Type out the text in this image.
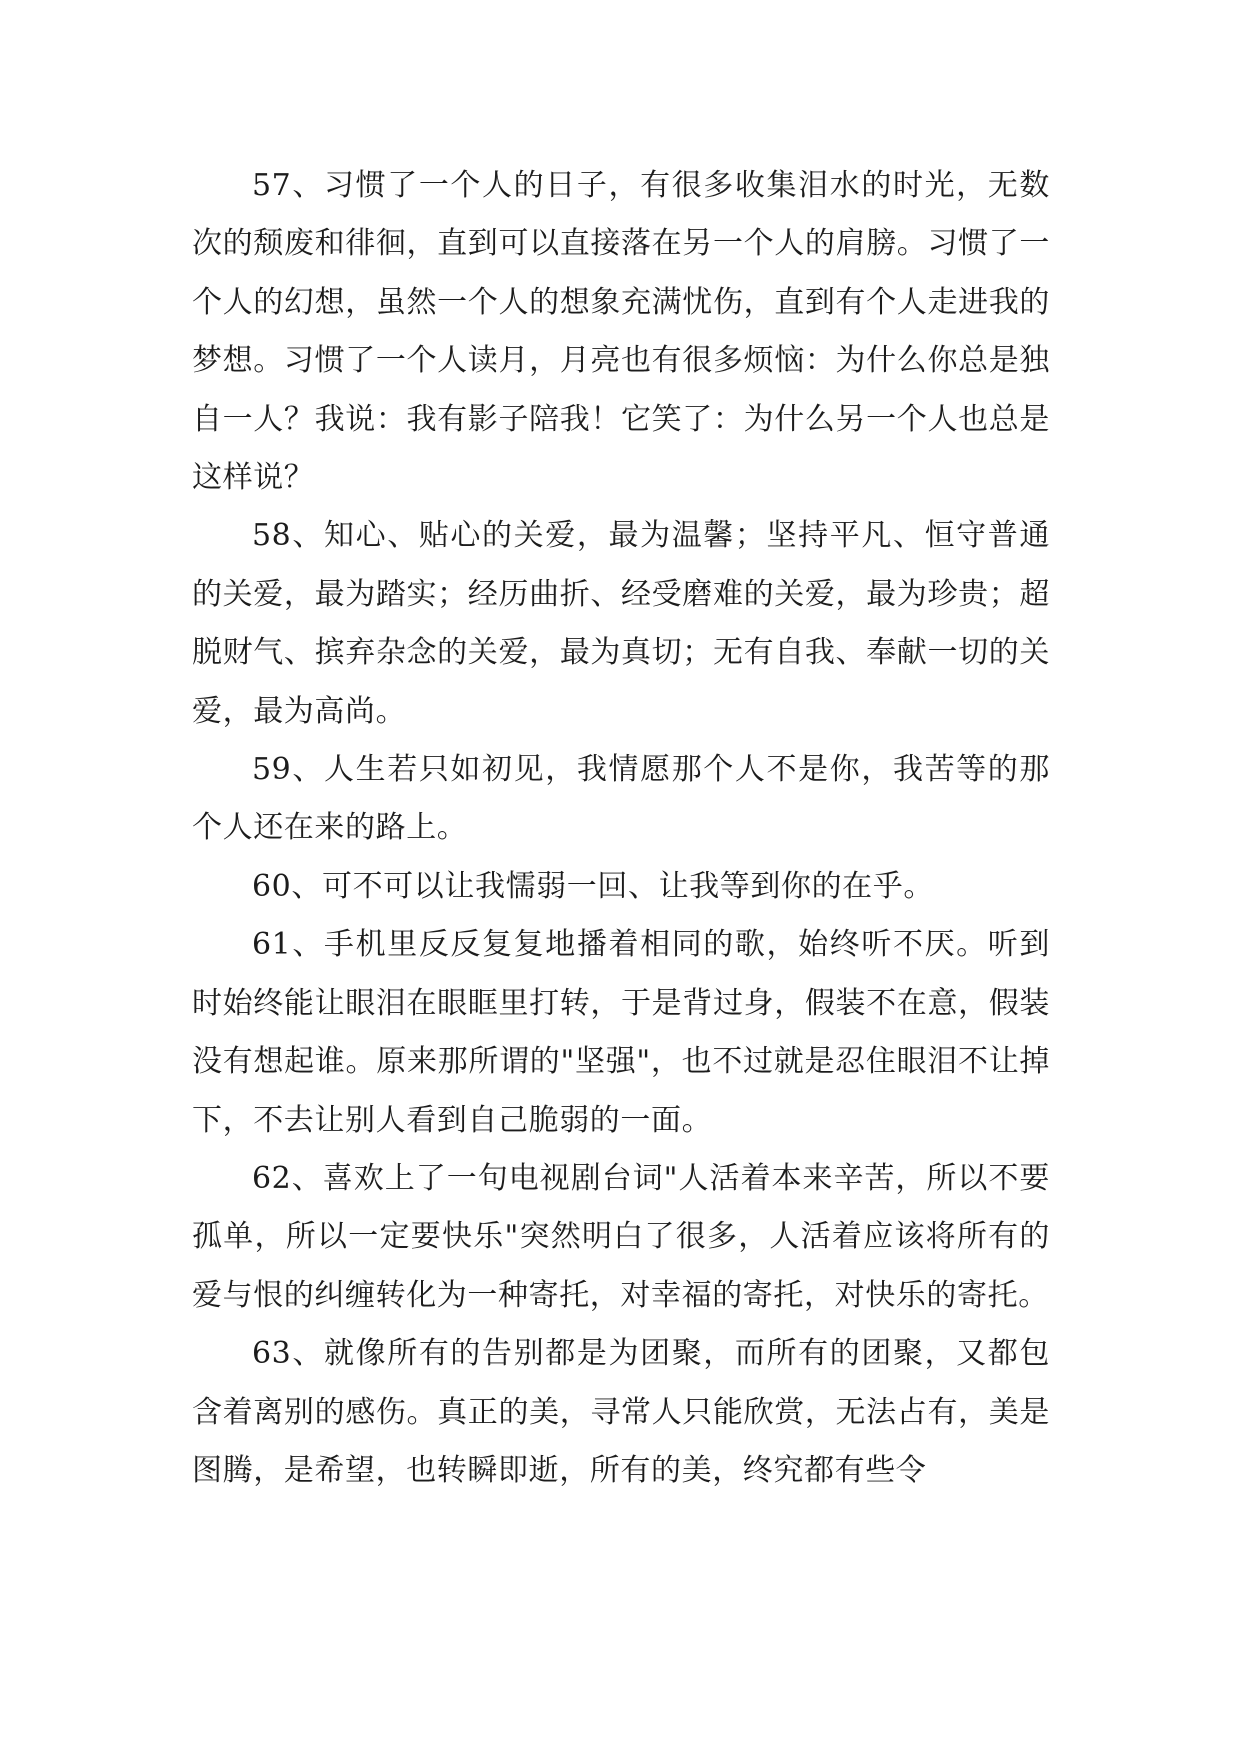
57、习惯了一个人的日子，有很多收集泪水的时光，无数次的颓废和徘徊，直到可以直接落在另一个人的肩膀。习惯了一个人的幻想，虽然一个人的想象充满忧伤，直到有个人走进我的梦想。习惯了一个人读月，月亮也有很多烦恼：为什么你总是独自一人？我说：我有影子陪我！它笑了：为什么另一个人也总是这样说？

58、知心、贴心的关爱，最为温馨；坚持平凡、恒守普通的关爱，最为踏实；经历曲折、经受磨难的关爱，最为珍贵；超脱财气、摈弃杂念的关爱，最为真切；无有自我、奉献一切的关爱，最为高尚。

59、人生若只如初见，我情愿那个人不是你，我苦等的那个人还在来的路上。

60、可不可以让我懦弱一回、让我等到你的在乎。

61、手机里反反复复地播着相同的歌，始终听不厌。听到时始终能让眼泪在眼眶里打转，于是背过身，假装不在意，假装没有想起谁。原来那所谓的"坚强"，也不过就是忍住眼泪不让掉下，不去让别人看到自己脆弱的一面。

62、喜欢上了一句电视剧台词"人活着本来辛苦，所以不要孤单，所以一定要快乐"突然明白了很多，人活着应该将所有的爱与恨的纠缠转化为一种寄托，对幸福的寄托，对快乐的寄托。

63、就像所有的告别都是为团聚，而所有的团聚，又都包含着离别的感伤。真正的美，寻常人只能欣赏，无法占有，美是图腾，是希望，也转瞬即逝，所有的美，终究都有些令
